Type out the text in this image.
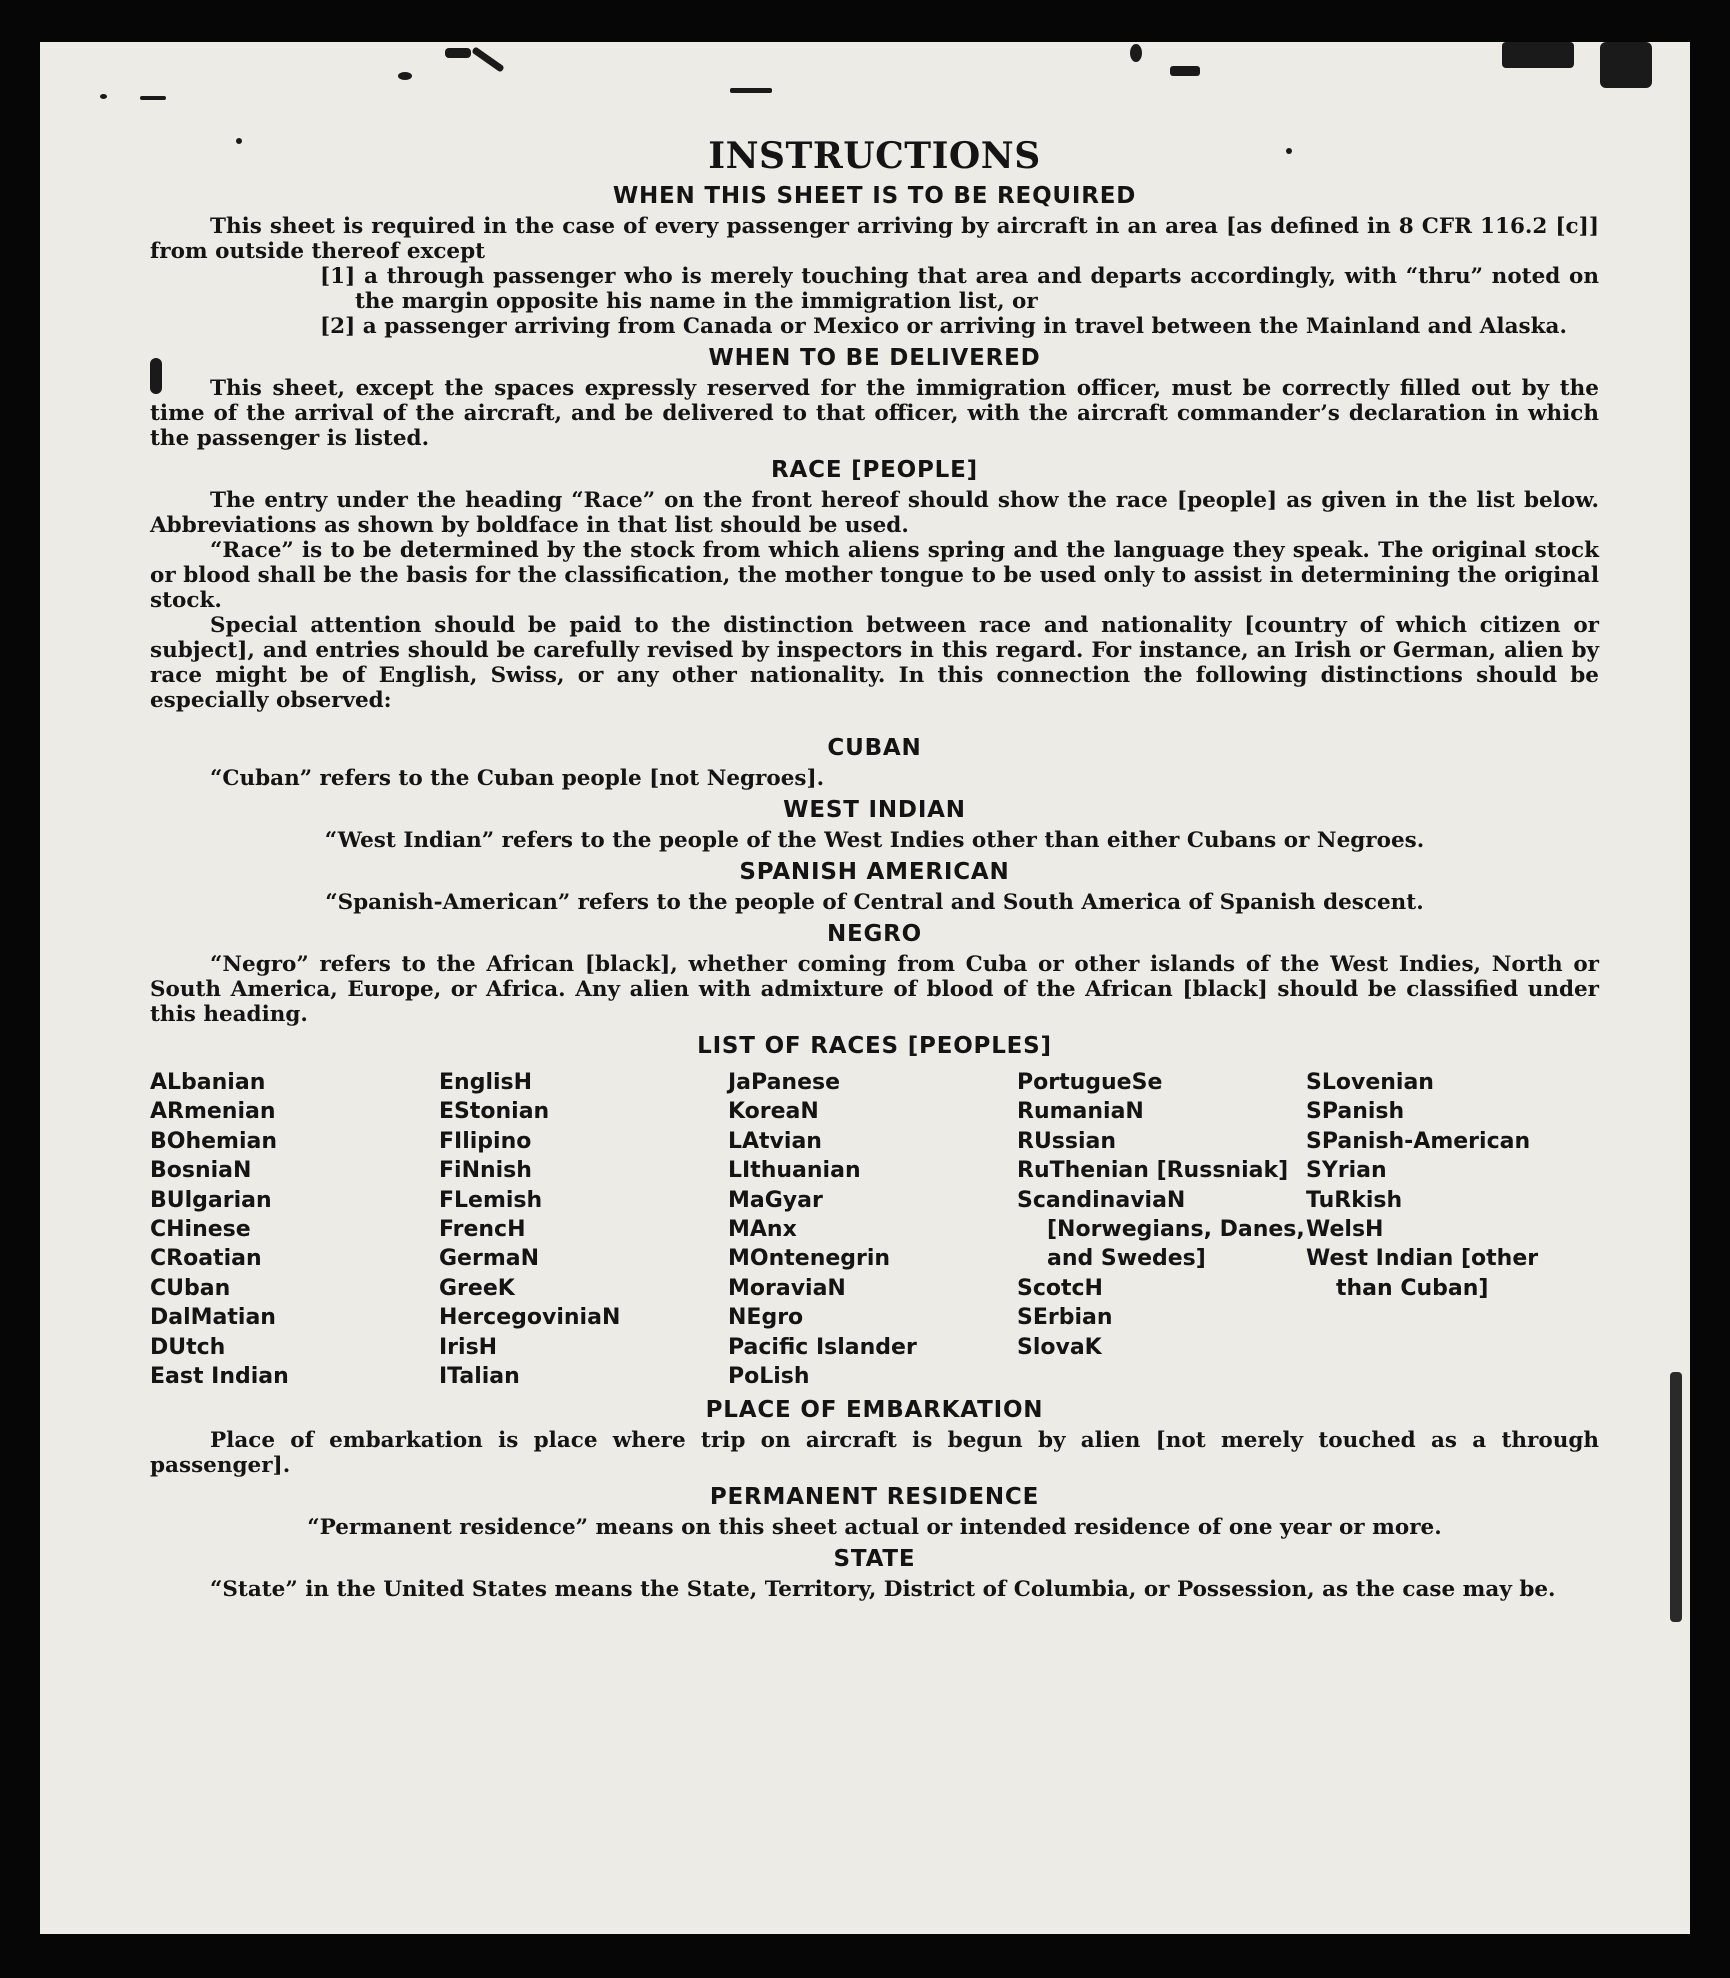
INSTRUCTIONS
WHEN THIS SHEET IS TO BE REQUIRED

This sheet is required in the case of every passenger arriving by aircraft in an area [as defined in 8 CFR 116.2 [c]] from outside thereof except

[1] a through passenger who is merely touching that area and departs accordingly, with “thru” noted on the margin opposite his name in the immigration list, or
[2] a passenger arriving from Canada or Mexico or arriving in travel between the Mainland and Alaska.
WHEN TO BE DELIVERED

This sheet, except the spaces expressly reserved for the immigration officer, must be correctly filled out by the time of the arrival of the aircraft, and be delivered to that officer, with the aircraft commander’s declaration in which the passenger is listed.

RACE [PEOPLE]

The entry under the heading “Race” on the front hereof should show the race [people] as given in the list below. Abbreviations as shown by boldface in that list should be used.

“Race” is to be determined by the stock from which aliens spring and the language they speak. The original stock or blood shall be the basis for the classification, the mother tongue to be used only to assist in determining the original stock.

Special attention should be paid to the distinction between race and nationality [country of which citizen or subject], and entries should be carefully revised by inspectors in this regard. For instance, an Irish or German, alien by race might be of English, Swiss, or any other nationality. In this connection the following distinctions should be especially observed:

CUBAN

“Cuban” refers to the Cuban people [not Negroes].

WEST INDIAN

“West Indian” refers to the people of the West Indies other than either Cubans or Negroes.

SPANISH AMERICAN

“Spanish-American” refers to the people of Central and South America of Spanish descent.

NEGRO

“Negro” refers to the African [black], whether coming from Cuba or other islands of the West Indies, North or South America, Europe, or Africa. Any alien with admixture of blood of the African [black] should be classified under this heading.

LIST OF RACES [PEOPLES]
ALbanian
ARmenian
BOhemian
BosniaN
BUlgarian
CHinese
CRoatian
CUban
DalMatian
DUtch
East Indian
EnglisH
EStonian
FIlipino
FiNnish
FLemish
FrencH
GermaN
GreeK
HercegoviniaN
IrisH
ITalian
JaPanese
KoreaN
LAtvian
LIthuanian
MaGyar
MAnx
MOntenegrin
MoraviaN
NEgro
Pacific Islander
PoLish
PortugueSe
RumaniaN
RUssian
RuThenian [Russniak]
ScandinaviaN [Norwegians, Danes, and Swedes]
ScotcH
SErbian
SlovaK
SLovenian
SPanish
SPanish-American
SYrian
TuRkish
WelsH
West Indian [other than Cuban]
PLACE OF EMBARKATION

Place of embarkation is place where trip on aircraft is begun by alien [not merely touched as a through passenger].

PERMANENT RESIDENCE

“Permanent residence” means on this sheet actual or intended residence of one year or more.

STATE

“State” in the United States means the State, Territory, District of Columbia, or Possession, as the case may be.
